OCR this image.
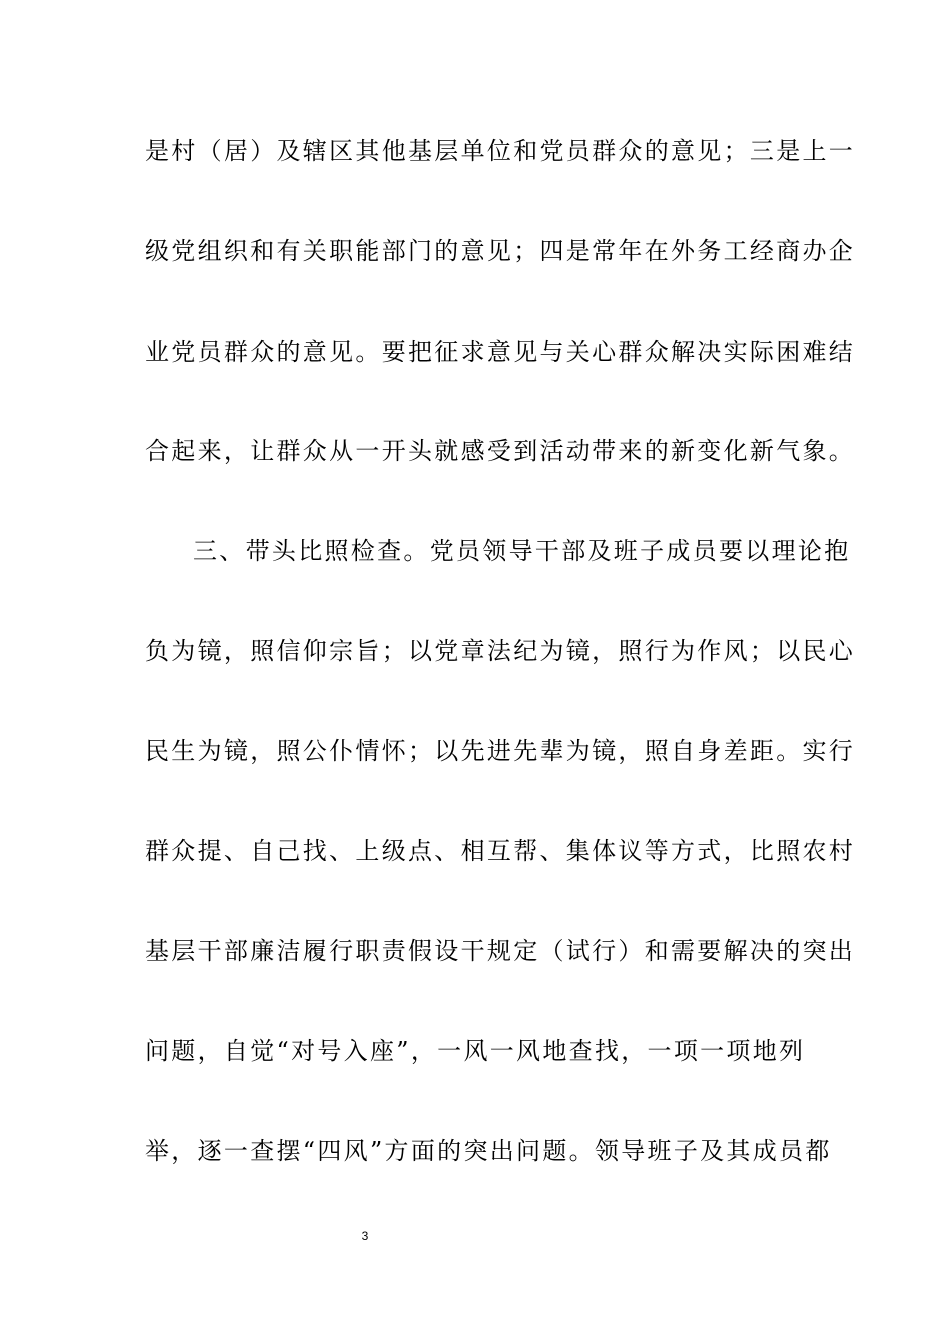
是村（居）及辖区其他基层单位和党员群众的意见；三是上一
级党组织和有关职能部门的意见；四是常年在外务工经商办企
业党员群众的意见。要把征求意见与关心群众解决实际困难结
合起来，让群众从一开头就感受到活动带来的新变化新气象。
三、带头比照检查。党员领导干部及班子成员要以理论抱
负为镜，照信仰宗旨；以党章法纪为镜，照行为作风；以民心
民生为镜，照公仆情怀；以先进先辈为镜，照自身差距。实行
群众提、自己找、上级点、相互帮、集体议等方式，比照农村
基层干部廉洁履行职责假设干规定（试行）和需要解决的突出
问题，自觉“对号入座”，一风一风地查找，一项一项地列
举，逐一查摆“四风”方面的突出问题。领导班子及其成员都
3
